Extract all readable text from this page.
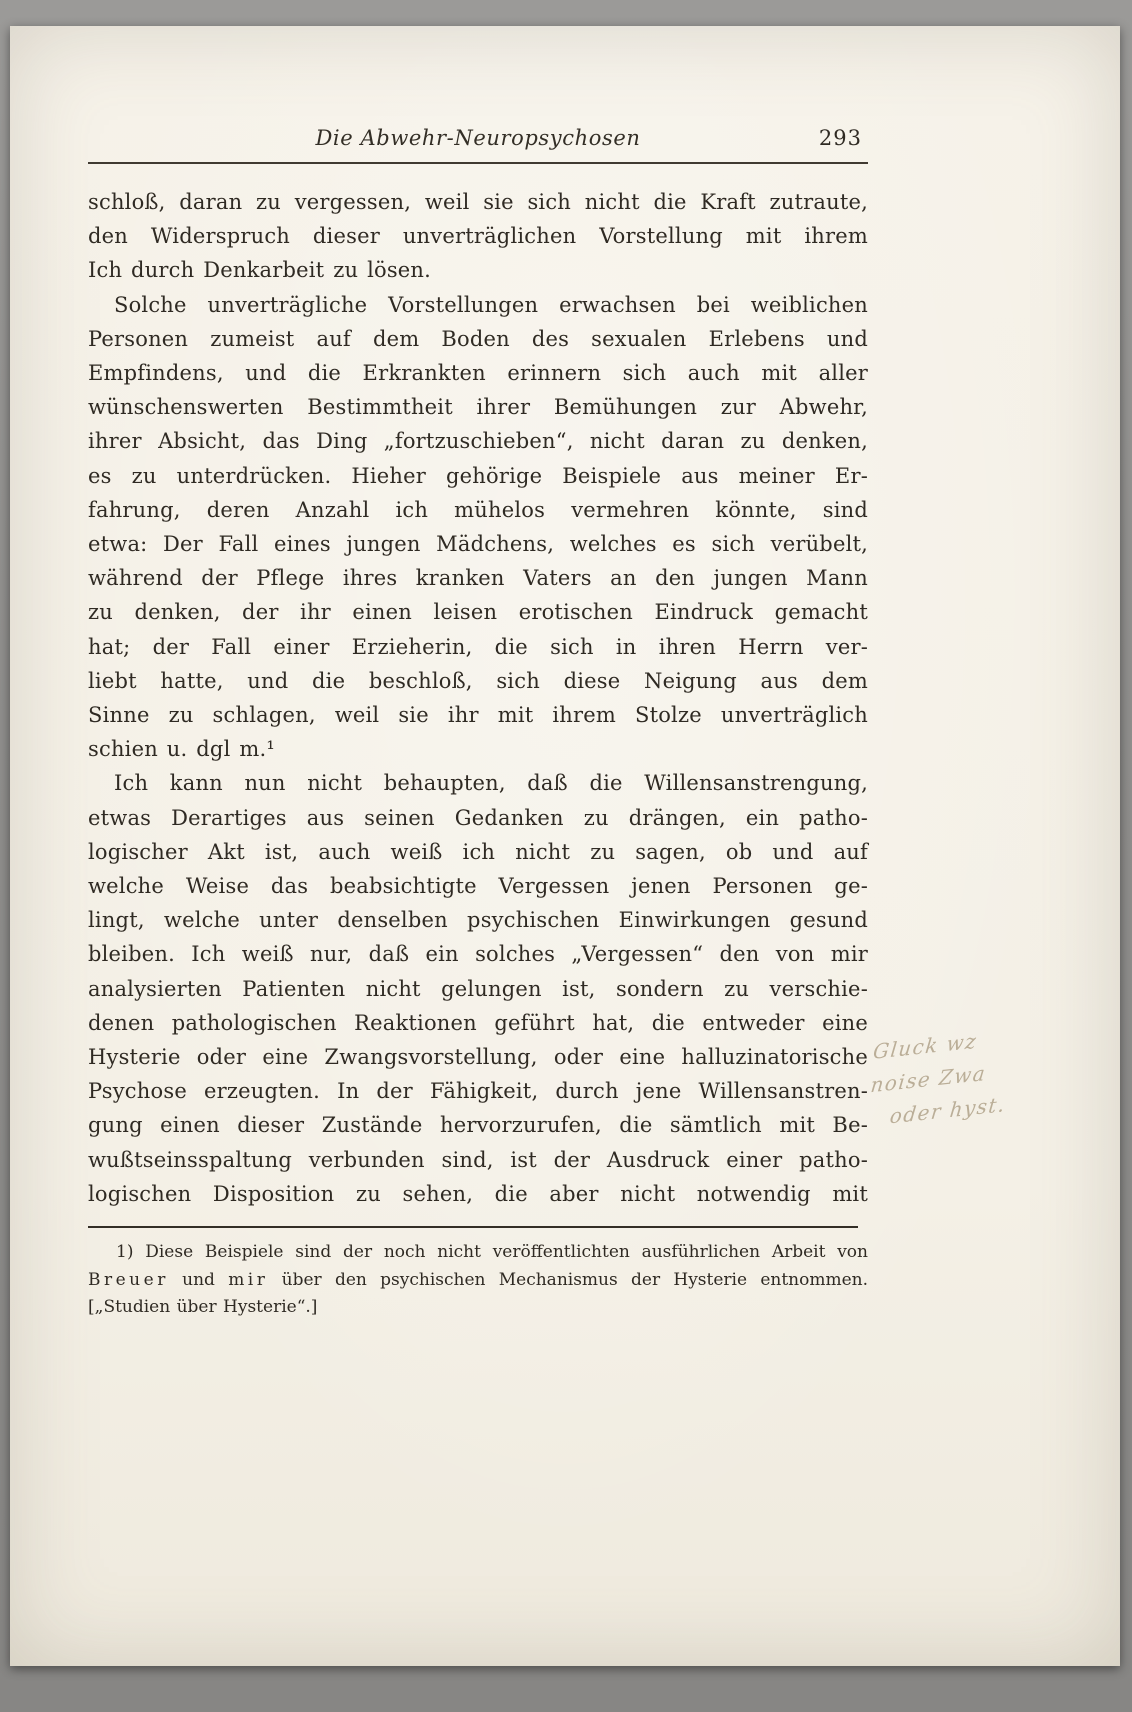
Die Abwehr-Neuropsychosen	293
schloß, daran zu vergessen, weil sie sich nicht die Kraft zutraute,
den Widerspruch dieser unverträglichen Vorstellung mit ihrem
Ich durch Denkarbeit zu lösen.
Solche unverträgliche Vorstellungen erwachsen bei weiblichen
Personen zumeist auf dem Boden des sexualen Erlebens und
Empfindens, und die Erkrankten erinnern sich auch mit aller
wünschenswerten Bestimmtheit ihrer Bemühungen zur Abwehr,
ihrer Absicht, das Ding „fortzuschieben“, nicht daran zu denken,
es zu unterdrücken. Hieher gehörige Beispiele aus meiner Er-
fahrung, deren Anzahl ich mühelos vermehren könnte, sind
etwa: Der Fall eines jungen Mädchens, welches es sich verübelt,
während der Pflege ihres kranken Vaters an den jungen Mann
zu denken, der ihr einen leisen erotischen Eindruck gemacht
hat; der Fall einer Erzieherin, die sich in ihren Herrn ver-
liebt hatte, und die beschloß, sich diese Neigung aus dem
Sinne zu schlagen, weil sie ihr mit ihrem Stolze unverträglich
schien u. dgl m.¹
Ich kann nun nicht behaupten, daß die Willensanstrengung,
etwas Derartiges aus seinen Gedanken zu drängen, ein patho-
logischer Akt ist, auch weiß ich nicht zu sagen, ob und auf
welche Weise das beabsichtigte Vergessen jenen Personen ge-
lingt, welche unter denselben psychischen Einwirkungen gesund
bleiben. Ich weiß nur, daß ein solches „Vergessen“ den von mir
analysierten Patienten nicht gelungen ist, sondern zu verschie-
denen pathologischen Reaktionen geführt hat, die entweder eine
Hysterie oder eine Zwangsvorstellung, oder eine halluzinatorische
Psychose erzeugten. In der Fähigkeit, durch jene Willensanstren-
gung einen dieser Zustände hervorzurufen, die sämtlich mit Be-
wußtseinsspaltung verbunden sind, ist der Ausdruck einer patho-
logischen Disposition zu sehen, die aber nicht notwendig mit
1) Diese Beispiele sind der noch nicht veröffentlichten ausführlichen Arbeit von
Breuer und mir über den psychischen Mechanismus der Hysterie entnommen.
[„Studien über Hysterie“.]
Gluck wz
noise Zwa
oder hyst.
